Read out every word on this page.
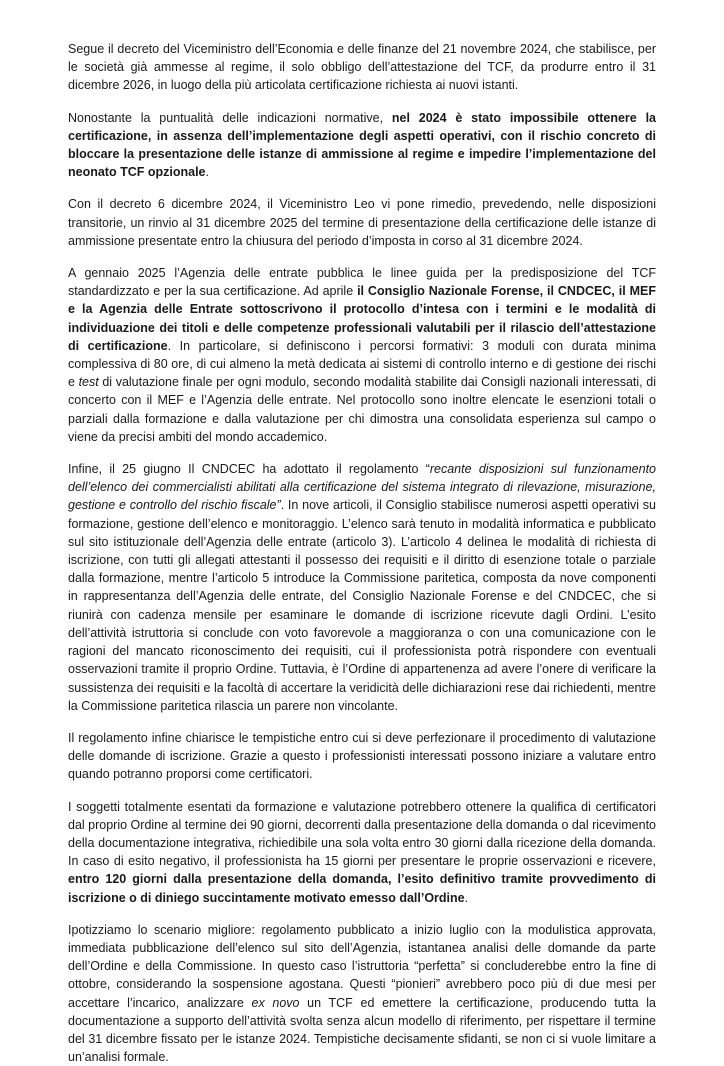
Segue il decreto del Viceministro dell’Economia e delle finanze del 21 novembre 2024, che stabilisce, per le società già ammesse al regime, il solo obbligo dell’attestazione del TCF, da produrre entro il 31 dicembre 2026, in luogo della più articolata certificazione richiesta ai nuovi istanti.

Nonostante la puntualità delle indicazioni normative, nel 2024 è stato impossibile ottenere la certificazione, in assenza dell’implementazione degli aspetti operativi, con il rischio concreto di bloccare la presentazione delle istanze di ammissione al regime e impedire l’implementazione del neonato TCF opzionale.

Con il decreto 6 dicembre 2024, il Viceministro Leo vi pone rimedio, prevedendo, nelle disposizioni transitorie, un rinvio al 31 dicembre 2025 del termine di presentazione della certificazione delle istanze di ammissione presentate entro la chiusura del periodo d’imposta in corso al 31 dicembre 2024.

A gennaio 2025 l’Agenzia delle entrate pubblica le linee guida per la predisposizione del TCF standardizzato e per la sua certificazione. Ad aprile il Consiglio Nazionale Forense, il CNDCEC, il MEF e la Agenzia delle Entrate sottoscrivono il protocollo d’intesa con i termini e le modalità di individuazione dei titoli e delle competenze professionali valutabili per il rilascio dell’attestazione di certificazione. In particolare, si definiscono i percorsi formativi: 3 moduli con durata minima complessiva di 80 ore, di cui almeno la metà dedicata ai sistemi di controllo interno e di gestione dei rischi e test di valutazione finale per ogni modulo, secondo modalità stabilite dai Consigli nazionali interessati, di concerto con il MEF e l’Agenzia delle entrate. Nel protocollo sono inoltre elencate le esenzioni totali o parziali dalla formazione e dalla valutazione per chi dimostra una consolidata esperienza sul campo o viene da precisi ambiti del mondo accademico.

Infine, il 25 giugno Il CNDCEC ha adottato il regolamento “recante disposizioni sul funzionamento dell’elenco dei commercialisti abilitati alla certificazione del sistema integrato di rilevazione, misurazione, gestione e controllo del rischio fiscale”. In nove articoli, il Consiglio stabilisce numerosi aspetti operativi su formazione, gestione dell’elenco e monitoraggio. L’elenco sarà tenuto in modalità informatica e pubblicato sul sito istituzionale dell’Agenzia delle entrate (articolo 3). L’articolo 4 delinea le modalità di richiesta di iscrizione, con tutti gli allegati attestanti il possesso dei requisiti e il diritto di esenzione totale o parziale dalla formazione, mentre l’articolo 5 introduce la Commissione paritetica, composta da nove componenti in rappresentanza dell’Agenzia delle entrate, del Consiglio Nazionale Forense e del CNDCEC, che si riunirà con cadenza mensile per esaminare le domande di iscrizione ricevute dagli Ordini. L’esito dell’attività istruttoria si conclude con voto favorevole a maggioranza o con una comunicazione con le ragioni del mancato riconoscimento dei requisiti, cui il professionista potrà rispondere con eventuali osservazioni tramite il proprio Ordine. Tuttavia, è l’Ordine di appartenenza ad avere l’onere di verificare la sussistenza dei requisiti e la facoltà di accertare la veridicità delle dichiarazioni rese dai richiedenti, mentre la Commissione paritetica rilascia un parere non vincolante.

Il regolamento infine chiarisce le tempistiche entro cui si deve perfezionare il procedimento di valutazione delle domande di iscrizione. Grazie a questo i professionisti interessati possono iniziare a valutare entro quando potranno proporsi come certificatori.

I soggetti totalmente esentati da formazione e valutazione potrebbero ottenere la qualifica di certificatori dal proprio Ordine al termine dei 90 giorni, decorrenti dalla presentazione della domanda o dal ricevimento della documentazione integrativa, richiedibile una sola volta entro 30 giorni dalla ricezione della domanda. In caso di esito negativo, il professionista ha 15 giorni per presentare le proprie osservazioni e ricevere, entro 120 giorni dalla presentazione della domanda, l’esito definitivo tramite provvedimento di iscrizione o di diniego succintamente motivato emesso dall’Ordine.

Ipotizziamo lo scenario migliore: regolamento pubblicato a inizio luglio con la modulistica approvata, immediata pubblicazione dell’elenco sul sito dell’Agenzia, istantanea analisi delle domande da parte dell’Ordine e della Commissione. In questo caso l’istruttoria “perfetta” si concluderebbe entro la fine di ottobre, considerando la sospensione agostana. Questi “pionieri” avrebbero poco più di due mesi per accettare l’incarico, analizzare ex novo un TCF ed emettere la certificazione, producendo tutta la documentazione a supporto dell’attività svolta senza alcun modello di riferimento, per rispettare il termine del 31 dicembre fissato per le istanze 2024. Tempistiche decisamente sfidanti, se non ci si vuole limitare a un’analisi formale.
